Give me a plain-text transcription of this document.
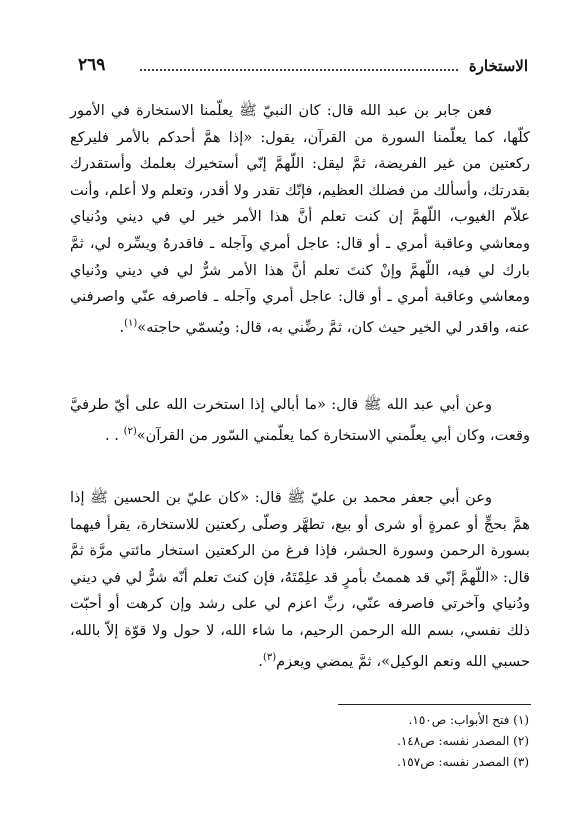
الاستخارة
٢٦٩

فعن جابر بن عبد الله قال: كان النبيّ ﷺ يعلّمنا الاستخارة في الأمور كلّها، كما يعلّمنا السورة من القرآن، يقول: «إذا همَّ أحدكم بالأمر فليركع ركعتين من غير الفريضة، ثمَّ ليقل: اللّهمَّ إنّي أستخيرك بعلمك وأستقدرك بقدرتك، وأسألك من فضلك العظيم، فإنّك تقدر ولا أقدر، وتعلم ولا أعلم، وأنت علاّم الغيوب، اللّهمَّ إن كنت تعلم أنَّ هذا الأمر خير لي في ديني ودُنياي ومعاشي وعاقبة أمري ـ أو قال: عاجل أمري وآجله ـ فاقدرهُ ويسِّره لي، ثمَّ بارك لي فيه، اللّهمَّ وإنْ كنتَ تعلم أنَّ هذا الأمر شرٌّ لي في ديني ودُنياي ومعاشي وعاقبة أمري ـ أو قال: عاجل أمري وآجله ـ فاصرفه عنّي واصرفني عنه، واقدر لي الخير حيث كان، ثمَّ رضِّني به، قال: ويُسمّي حاجته»$^{(١)}$.

وعن أبي عبد الله ﷺ قال: «ما أبالي إذا استخرت الله على أيّ طرفيَّ وقعت، وكان أبي يعلّمني الاستخارة كما يعلّمني السّور من القرآن»$^{(٢)}$ . .

وعن أبي جعفر محمد بن عليّ ﷺ قال: «كان عليّ بن الحسين ﷺ إذا همَّ بحجٍّ أو عمرةٍ أو شرى أو بيع، تطهَّر وصلّى ركعتين للاستخارة، يقرأ فيهما بسورة الرحمن وسورة الحشر، فإذا فرغ من الركعتين استخار مائتي مرَّة ثمَّ قال: «اللّهمَّ إنّي قد هممتُ بأمرٍ قد علِمْتَهُ، فإن كنتَ تعلم أنّه شرٌّ لي في ديني ودُنياي وآخرتي فاصرفه عنّي، ربِّ اعزم لي على رشد وإن كرهت أو أحبّت ذلك نفسي، بسم الله الرحمن الرحيم، ما شاء الله، لا حول ولا قوّة إلاّ بالله، حسبي الله ونعم الوكيل»، ثمَّ يمضي ويعزم$^{(٣)}$.

(١) فتح الأبواب: ص١٥٠.

(٢) المصدر نفسه: ص١٤٨.

(٣) المصدر نفسه: ص١٥٧.
